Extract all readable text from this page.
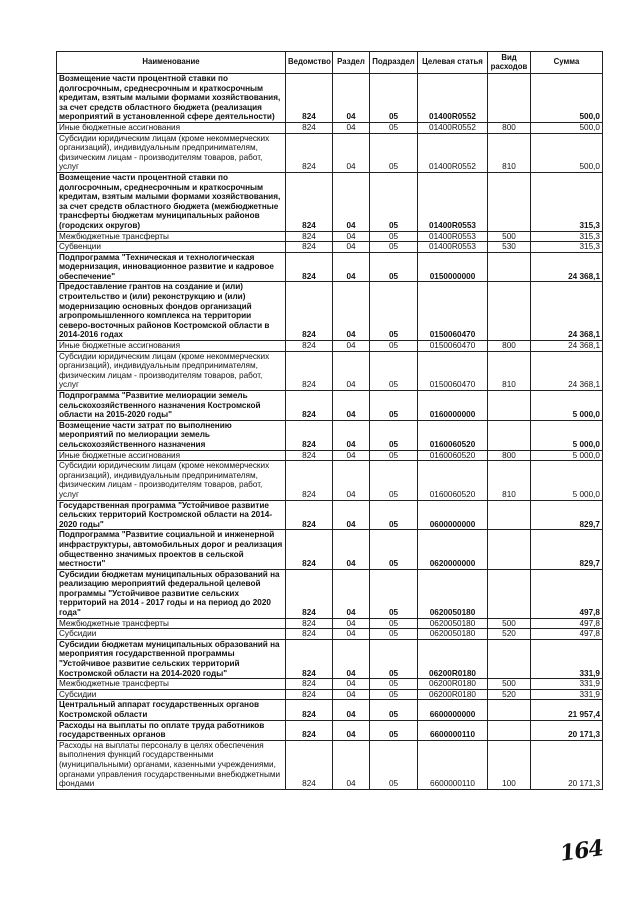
Наименование	Ведомство	Раздел	Подраздел	Целевая статья	Вид расходов	Сумма
Возмещение части процентной ставки по долгосрочным, среднесрочным и краткосрочным кредитам, взятым малыми формами хозяйствования, за счет средств областного бюджета (реализация мероприятий в установленной сфере деятельности)	824	04	05	01400R0552		500,0
Иные бюджетные ассигнования	824	04	05	01400R0552	800	500,0
Субсидии юридическим лицам (кроме некоммерческих организаций), индивидуальным предпринимателям, физическим лицам - производителям товаров, работ, услуг	824	04	05	01400R0552	810	500,0
Возмещение части процентной ставки по долгосрочным, среднесрочным и краткосрочным кредитам, взятым малыми формами хозяйствования, за счет средств областного бюджета (межбюджетные трансферты бюджетам муниципальных районов (городских округов)	824	04	05	01400R0553		315,3
Межбюджетные трансферты	824	04	05	01400R0553	500	315,3
Субвенции	824	04	05	01400R0553	530	315,3
Подпрограмма "Техническая и технологическая модернизация, инновационное развитие и кадровое обеспечение"	824	04	05	0150000000		24 368,1
Предоставление грантов на создание и (или) строительство и (или) реконструкцию и (или) модернизацию основных фондов организаций агропромышленного комплекса на территории северо-восточных районов Костромской области в 2014-2016 годах	824	04	05	0150060470		24 368,1
Иные бюджетные ассигнования	824	04	05	0150060470	800	24 368,1
Субсидии юридическим лицам (кроме некоммерческих организаций), индивидуальным предпринимателям, физическим лицам - производителям товаров, работ, услуг	824	04	05	0150060470	810	24 368,1
Подпрограмма "Развитие мелиорации земель сельскохозяйственного назначения Костромской области на 2015-2020 годы"	824	04	05	0160000000		5 000,0
Возмещение части затрат по выполнению мероприятий по мелиорации земель сельскохозяйственного назначения	824	04	05	0160060520		5 000,0
Иные бюджетные ассигнования	824	04	05	0160060520	800	5 000,0
Субсидии юридическим лицам (кроме некоммерческих организаций), индивидуальным предпринимателям, физическим лицам - производителям товаров, работ, услуг	824	04	05	0160060520	810	5 000,0
Государственная программа "Устойчивое развитие сельских территорий Костромской области на 2014-2020 годы"	824	04	05	0600000000		829,7
Подпрограмма "Развитие социальной и инженерной инфраструктуры, автомобильных дорог и реализация общественно значимых проектов в сельской местности"	824	04	05	0620000000		829,7
Субсидии бюджетам муниципальных образований на реализацию мероприятий федеральной целевой программы "Устойчивое развитие сельских территорий на 2014 - 2017 годы и на период до 2020 года"	824	04	05	0620050180		497,8
Межбюджетные трансферты	824	04	05	0620050180	500	497,8
Субсидии	824	04	05	0620050180	520	497,8
Субсидии бюджетам муниципальных образований на мероприятия государственной программы "Устойчивое развитие сельских территорий Костромской области на 2014-2020 годы"	824	04	05	06200R0180		331,9
Межбюджетные трансферты	824	04	05	06200R0180	500	331,9
Субсидии	824	04	05	06200R0180	520	331,9
Центральный аппарат государственных органов Костромской области	824	04	05	6600000000		21 957,4
Расходы на выплаты по оплате труда работников государственных органов	824	04	05	6600000110		20 171,3
Расходы на выплаты персоналу в целях обеспечения выполнения функций государственными (муниципальными) органами, казенными учреждениями, органами управления государственными внебюджетными фондами	824	04	05	6600000110	100	20 171,3
164
